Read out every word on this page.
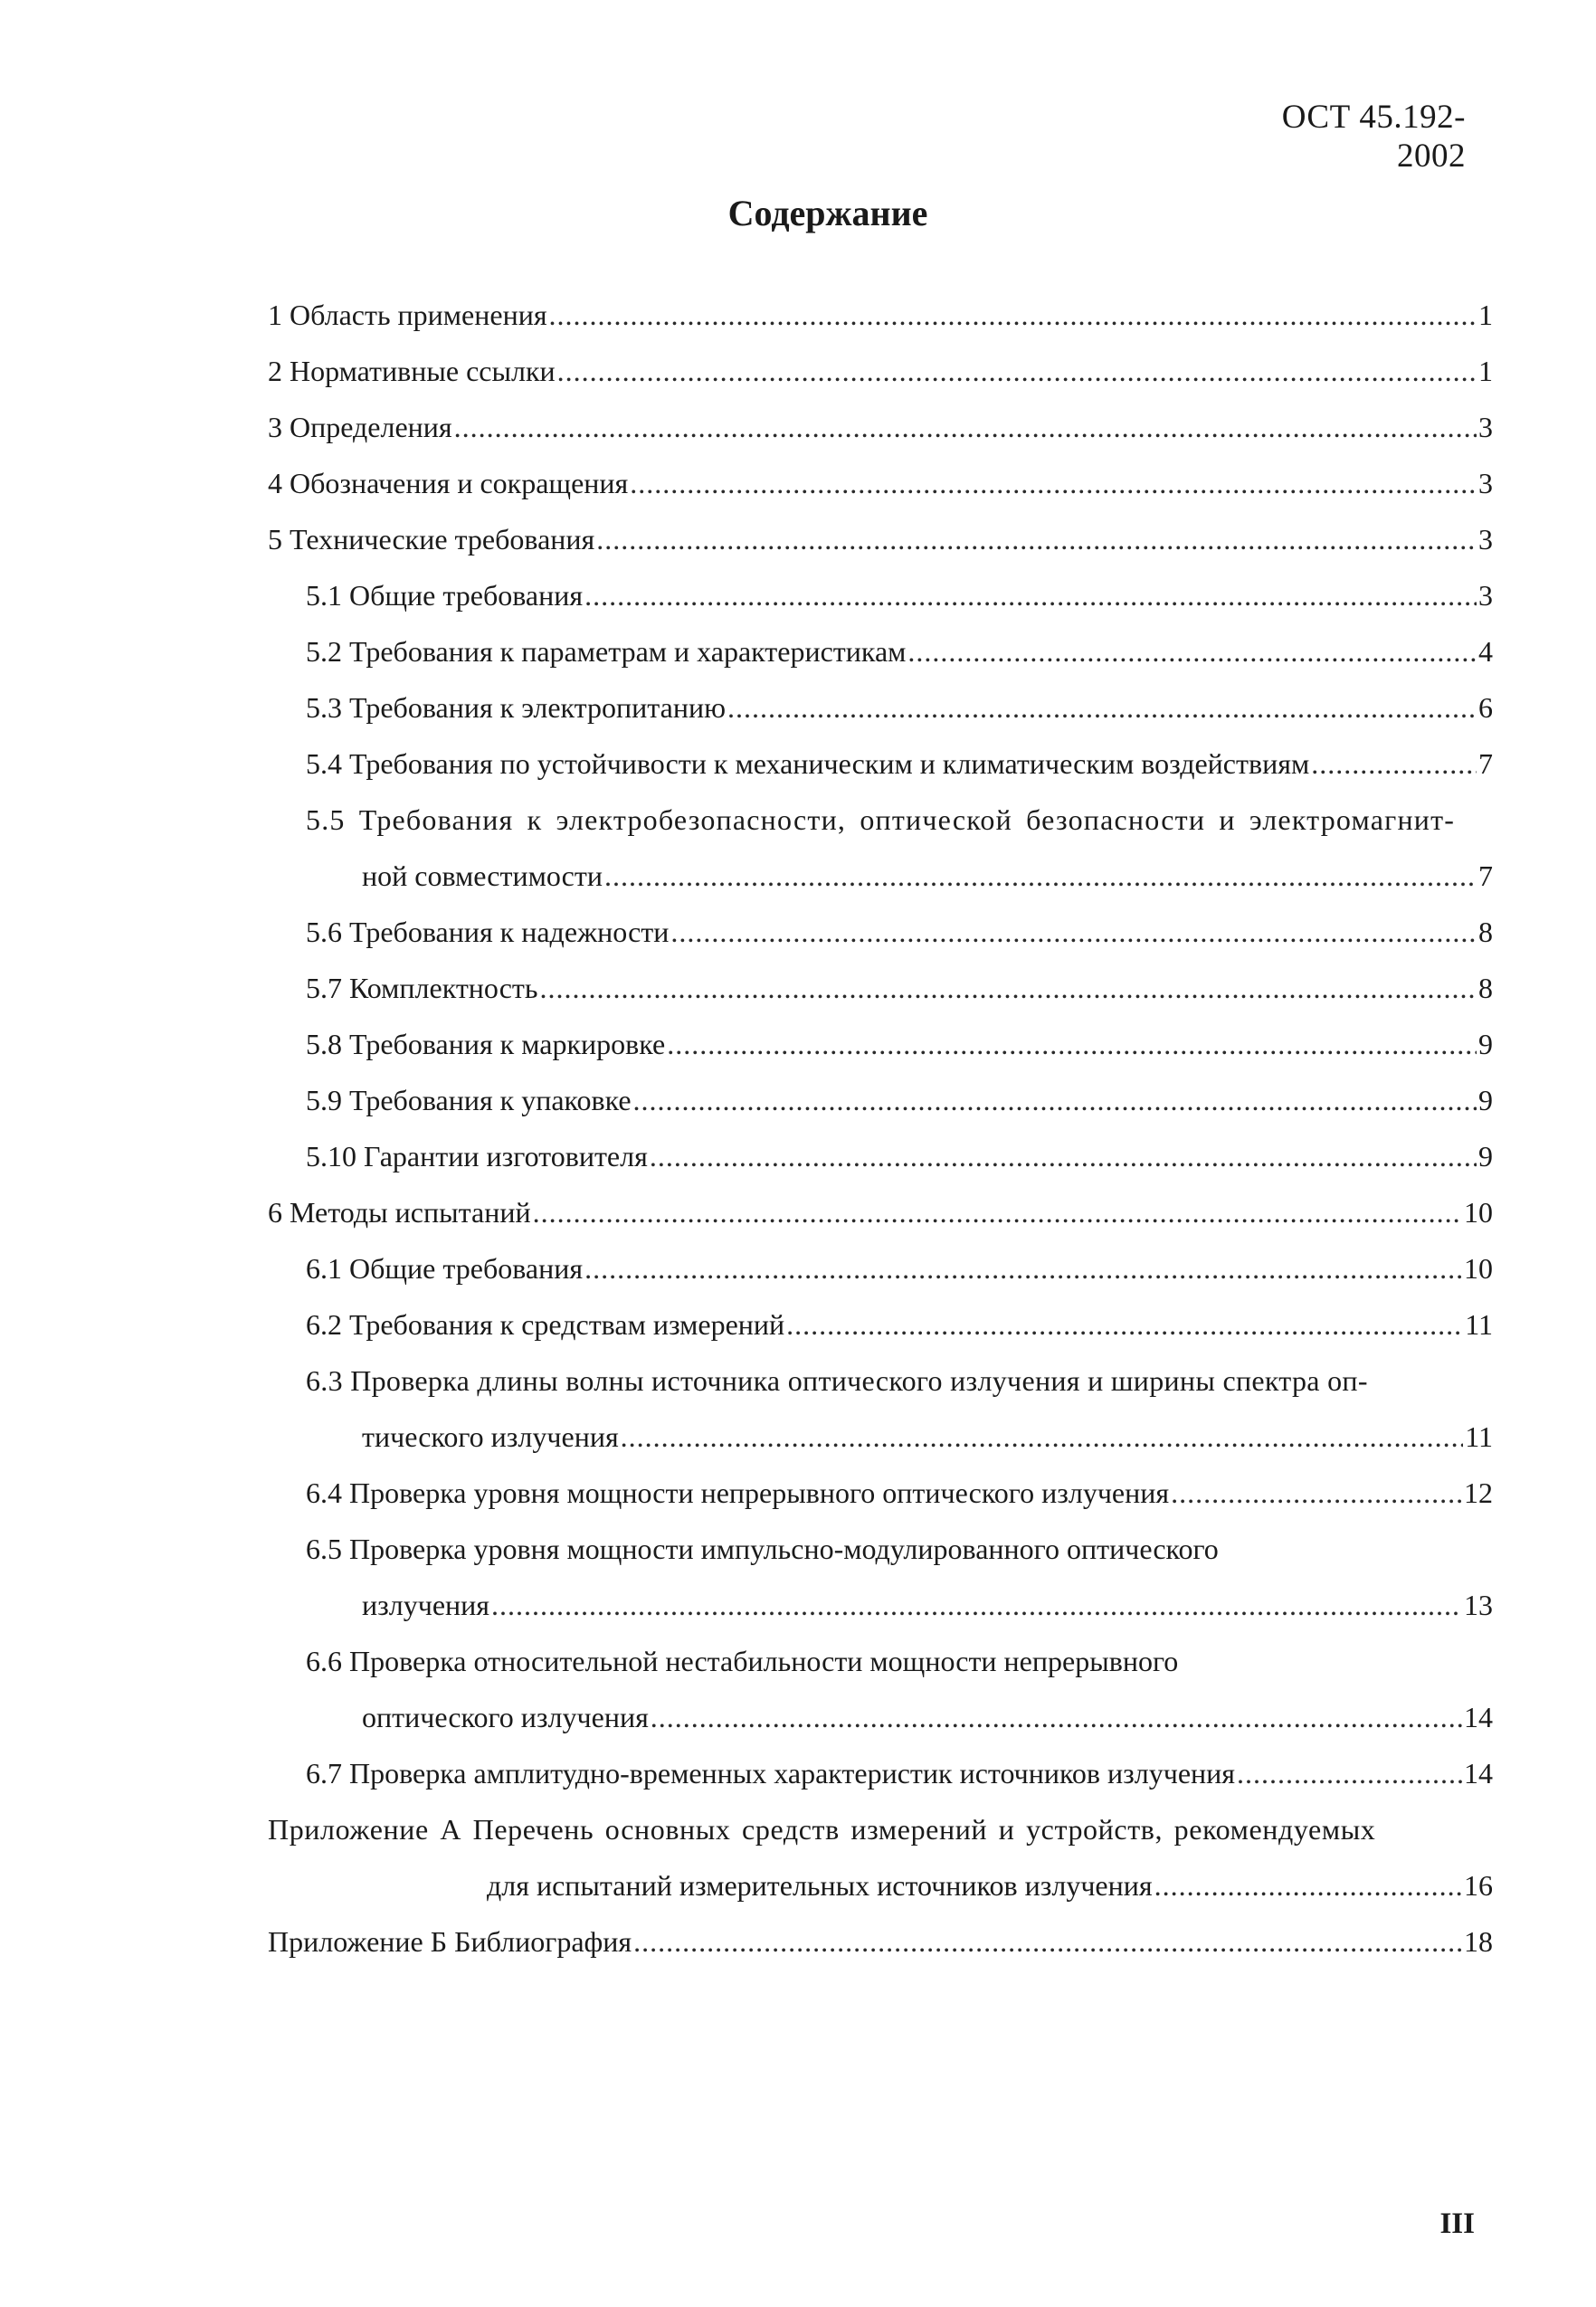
ОСТ 45.192-2002
Содержание
1 Область применения .....	1
2 Нормативные ссылки .....	1
3 Определения .....	3
4 Обозначения и сокращения .....	3
5 Технические требования .....	3
5.1 Общие требования .....	3
5.2 Требования к параметрам и характеристикам .....	4
5.3 Требования к электропитанию .....	6
5.4 Требования по устойчивости к механическим и климатическим воздействиям .....	7
5.5 Требования к электробезопасности, оптической безопасности и электромагнит-
ной совместимости .....	7
5.6 Требования к надежности .....	8
5.7 Комплектность .....	8
5.8 Требования к маркировке .....	9
5.9 Требования к упаковке .....	9
5.10 Гарантии изготовителя .....	9
6 Методы испытаний .....	10
6.1 Общие требования .....	10
6.2 Требования к средствам измерений .....	11
6.3 Проверка длины волны источника оптического излучения и ширины спектра оп-
тического излучения .....	11
6.4 Проверка уровня мощности непрерывного оптического излучения .....	12
6.5 Проверка уровня мощности импульсно-модулированного оптического
излучения .....	13
6.6 Проверка относительной нестабильности мощности непрерывного
оптического излучения .....	14
6.7 Проверка амплитудно-временных характеристик источников излучения .....	14
Приложение А Перечень основных средств измерений и устройств, рекомендуемых
для испытаний измерительных источников излучения .....	16
Приложение Б Библиография .....	18
III
